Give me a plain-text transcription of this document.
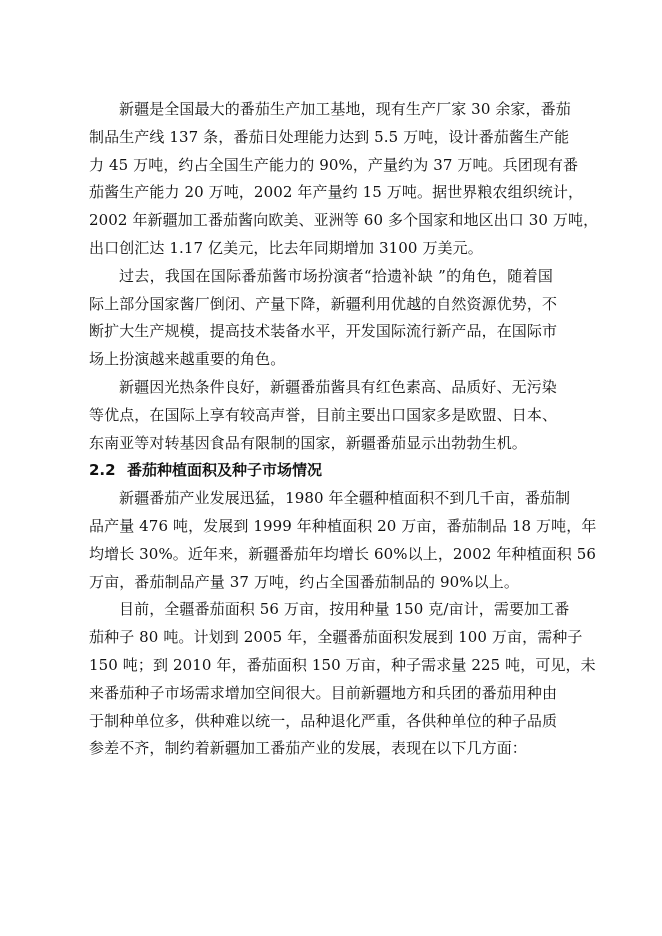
新疆是全国最大的番茄生产加工基地，现有生产厂家 30 余家，番茄
制品生产线 137 条，番茄日处理能力达到 5.5 万吨，设计番茄酱生产能
力 45 万吨，约占全国生产能力的 90%，产量约为 37 万吨。兵团现有番
茄酱生产能力 20 万吨，2002 年产量约 15 万吨。据世界粮农组织统计，
2002 年新疆加工番茄酱向欧美、亚洲等 60 多个国家和地区出口 30 万吨，
出口创汇达 1.17 亿美元，比去年同期增加 3100 万美元。
过去，我国在国际番茄酱市场扮演者“拾遗补缺 ”的角色，随着国
际上部分国家酱厂倒闭、产量下降，新疆利用优越的自然资源优势，不
断扩大生产规模，提高技术装备水平，开发国际流行新产品，在国际市
场上扮演越来越重要的角色。
新疆因光热条件良好，新疆番茄酱具有红色素高、品质好、无污染
等优点，在国际上享有较高声誉，目前主要出口国家多是欧盟、日本、
东南亚等对转基因食品有限制的国家，新疆番茄显示出勃勃生机。
2.2 番茄种植面积及种子市场情况
新疆番茄产业发展迅猛，1980 年全疆种植面积不到几千亩，番茄制
品产量 476 吨，发展到 1999 年种植面积 20 万亩，番茄制品 18 万吨，年
均增长 30%。近年来，新疆番茄年均增长 60%以上，2002 年种植面积 56
万亩，番茄制品产量 37 万吨，约占全国番茄制品的 90%以上。
目前，全疆番茄面积 56 万亩，按用种量 150 克/亩计，需要加工番
茄种子 80 吨。计划到 2005 年，全疆番茄面积发展到 100 万亩，需种子
150 吨；到 2010 年，番茄面积 150 万亩，种子需求量 225 吨，可见，未
来番茄种子市场需求增加空间很大。目前新疆地方和兵团的番茄用种由
于制种单位多，供种难以统一，品种退化严重，各供种单位的种子品质
参差不齐，制约着新疆加工番茄产业的发展，表现在以下几方面：
